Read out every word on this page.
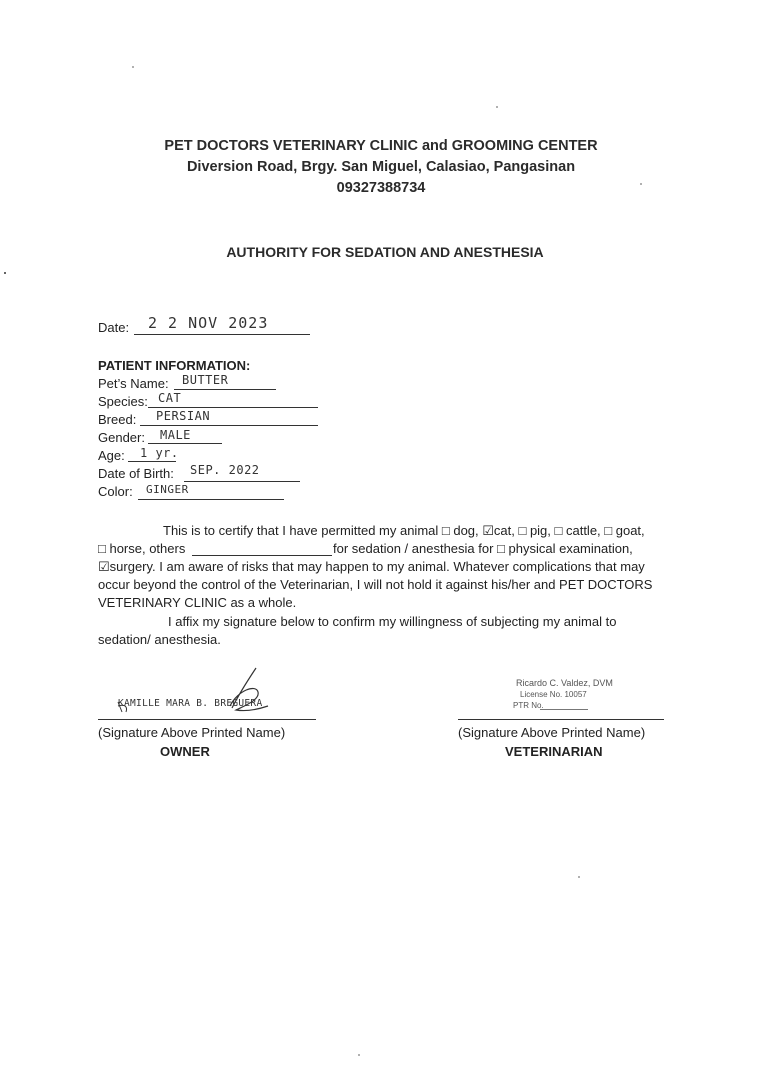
PET DOCTORS VETERINARY CLINIC and GROOMING CENTER
Diversion Road, Brgy. San Miguel, Calasiao, Pangasinan
09327388734
AUTHORITY FOR SEDATION AND ANESTHESIA
Date: 2 2 NOV 2023
PATIENT INFORMATION:
Pet’s Name: BUTTER
Species: CAT
Breed: PERSIAN
Gender: MALE
Age: 1 yr.
Date of Birth: SEP. 2022
Color: GINGER
This is to certify that I have permitted my animal □ dog, ☑cat, □ pig, □ cattle, □ goat,
□ horse, others	for sedation / anesthesia for □ physical examination,
☑surgery. I am aware of risks that may happen to my animal. Whatever complications that may
occur beyond the control of the Veterinarian, I will not hold it against his/her and PET DOCTORS
VETERINARY CLINIC as a whole.
I affix my signature below to confirm my willingness of subjecting my animal to
sedation/ anesthesia.
KAMILLE MARA B. BREGUERA
(Signature Above Printed Name)
OWNER
Ricardo C. Valdez, DVM
License No. 10057
PTR No.
(Signature Above Printed Name)
VETERINARIAN
